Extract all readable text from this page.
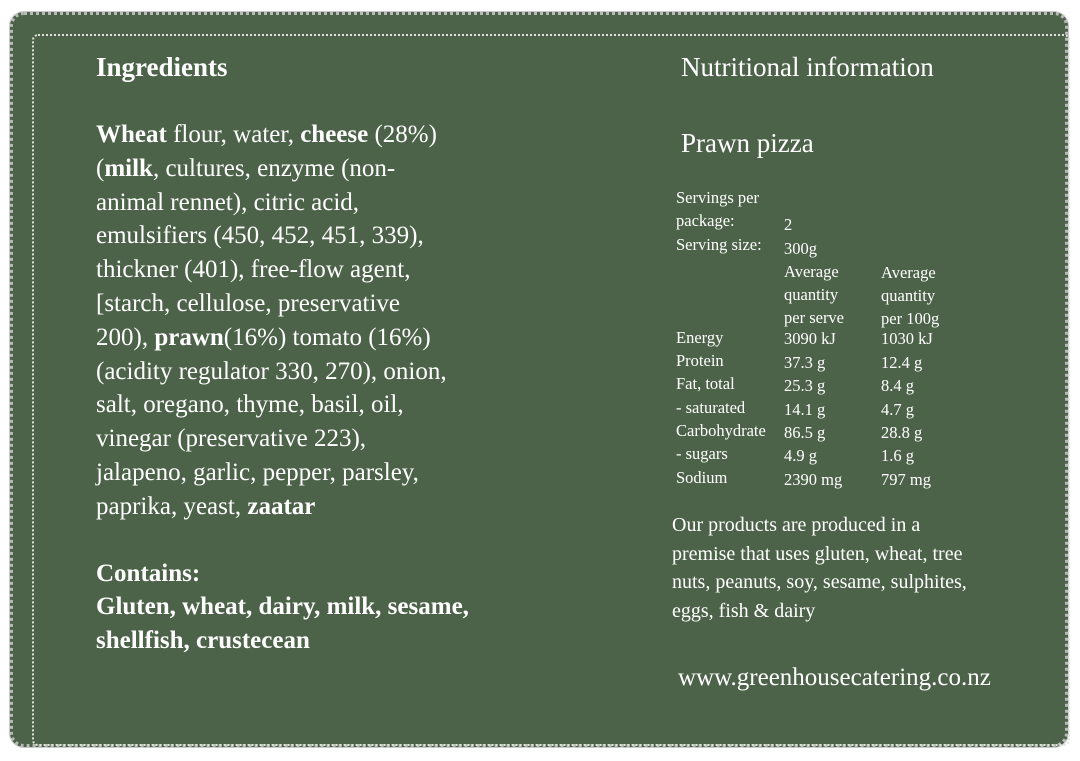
Ingredients
Wheat flour, water, cheese (28%) (milk, cultures, enzyme (non-animal rennet), citric acid, emulsifiers (450, 452, 451, 339), thickner (401), free-flow agent, [starch, cellulose, preservative 200), prawn(16%) tomato (16%) (acidity regulator 330, 270), onion, salt, oregano, thyme, basil, oil, vinegar (preservative 223), jalapeno, garlic, pepper, parsley, paprika, yeast, zaatar
Contains:
Gluten, wheat, dairy, milk, sesame, shellfish, crustecean
Nutritional information
Prawn pizza
Servings per
package:	2
Serving size: 300g
Average	Average
quantity	quantity
per serve per 100g
Energy	3090 kJ	1030 kJ
Protein	37.3 g	12.4 g
Fat, total	25.3 g	8.4 g
- saturated 14.1 g	4.7 g
Carbohydrate 86.5 g	28.8 g
- sugars	4.9 g	1.6 g
Sodium	2390 mg 797 mg
Our products are produced in a premise that uses gluten, wheat, tree nuts, peanuts, soy, sesame, sulphites, eggs, fish & dairy
www.greenhousecatering.co.nz
